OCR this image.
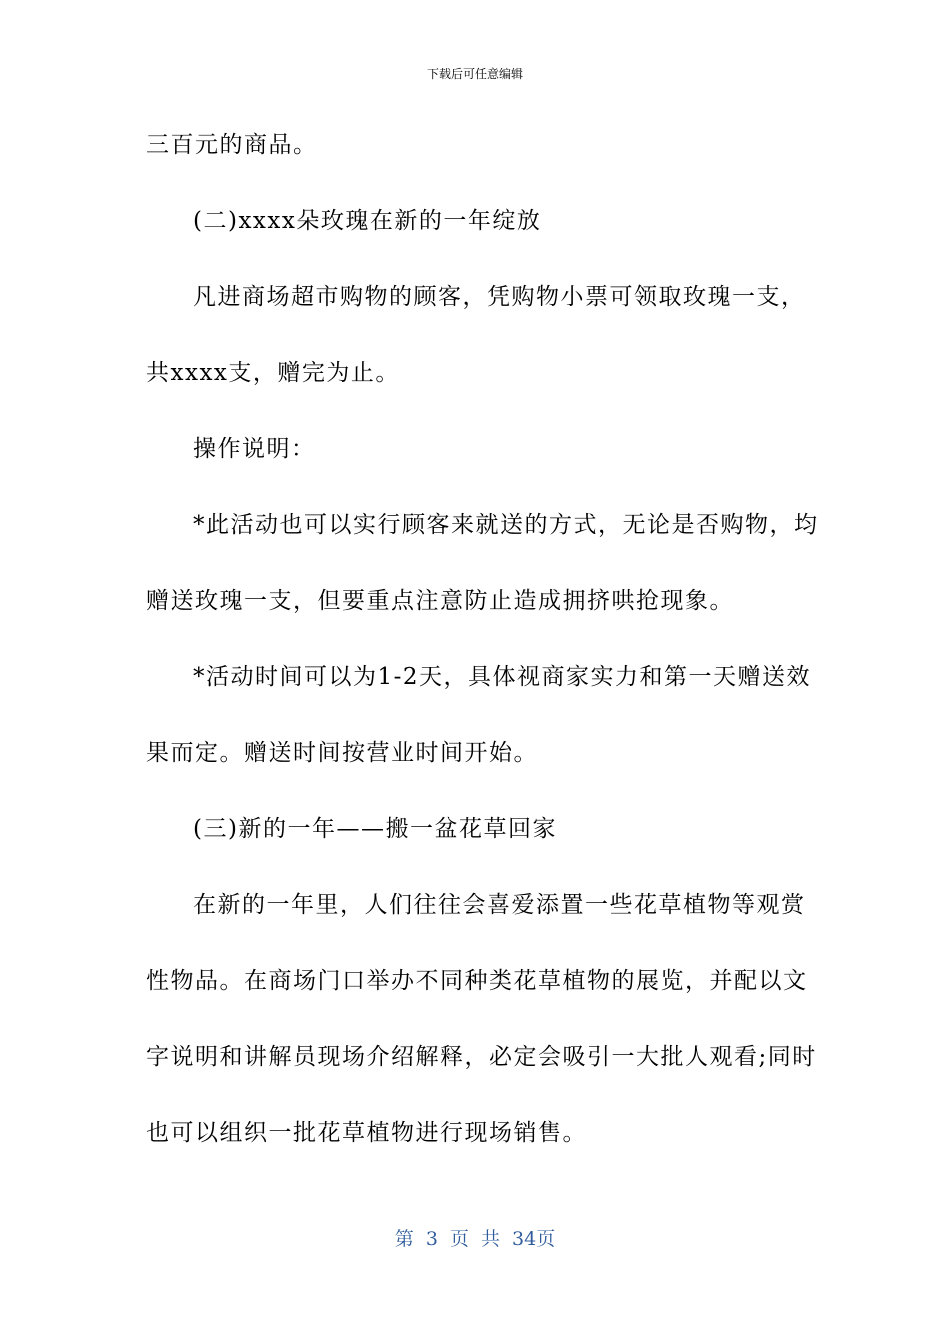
下载后可任意编辑
三百元的商品。
(二)xxxx朵玫瑰在新的一年绽放
凡进商场超市购物的顾客，凭购物小票可领取玫瑰一支，
共xxxx支，赠完为止。
操作说明：
*此活动也可以实行顾客来就送的方式，无论是否购物，均
赠送玫瑰一支，但要重点注意防止造成拥挤哄抢现象。
*活动时间可以为1-2天，具体视商家实力和第一天赠送效
果而定。赠送时间按营业时间开始。
(三)新的一年——搬一盆花草回家
在新的一年里，人们往往会喜爱添置一些花草植物等观赏
性物品。在商场门口举办不同种类花草植物的展览，并配以文
字说明和讲解员现场介绍解释，必定会吸引一大批人观看;同时
也可以组织一批花草植物进行现场销售。
第 3 页 共 34页
